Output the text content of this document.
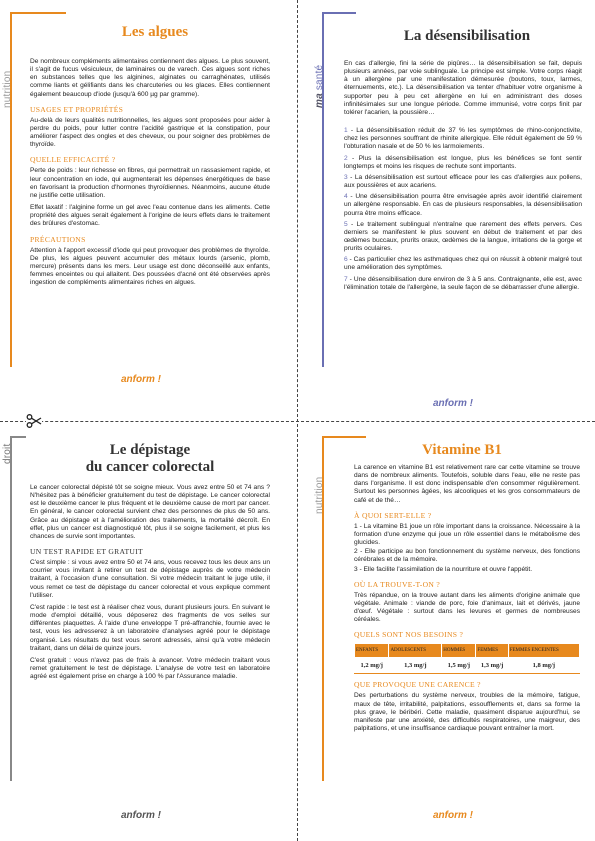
nutrition
Les algues

De nombreux compléments alimentaires contiennent des algues. Le plus souvent, il s'agit de fucus vésiculeux, de laminaires ou de varech. Ces algues sont riches en substances telles que les alginines, alginates ou carraghénates, utilisés comme liants et gélifiants dans les charcuteries ou les glaces. Elles contiennent également beaucoup d'iode (jusqu'à 600 µg par gramme).

USAGES ET PROPRIÉTÉS

Au-delà de leurs qualités nutritionnelles, les algues sont proposées pour aider à perdre du poids, pour lutter contre l'acidité gastrique et la constipation, pour améliorer l'aspect des ongles et des cheveux, ou pour soigner des problèmes de thyroïde.

QUELLE EFFICACITÉ ?

Perte de poids : leur richesse en fibres, qui permettrait un rassasiement rapide, et leur concentration en iode, qui augmenterait les dépenses énergétiques de base en favorisant la production d'hormones thyroïdiennes. Néanmoins, aucune étude ne justifie cette utilisation.

Effet laxatif : l'alginine forme un gel avec l'eau contenue dans les aliments. Cette propriété des algues serait également à l'origine de leurs effets dans le traitement des brûlures d'estomac.

PRÉCAUTIONS

Attention à l'apport excessif d'iode qui peut provoquer des problèmes de thyroïde. De plus, les algues peuvent accumuler des métaux lourds (arsenic, plomb, mercure) présents dans les mers. Leur usage est donc déconseillé aux enfants, femmes enceintes ou qui allaitent. Des poussées d'acné ont été observées après ingestion de compléments alimentaires riches en algues.

anform !
ma santé
La désensibilisation

En cas d'allergie, fini la série de piqûres… la désensibilisation se fait, depuis plusieurs années, par voie sublinguale. Le principe est simple. Votre corps réagit à un allergène par une manifestation démesurée (boutons, toux, larmes, éternuements, etc.). La désensibilisation va tenter d'habituer votre organisme à supporter peu à peu cet allergène en lui en administrant des doses infinitésimales sur une longue période. Comme immunisé, votre corps finit par tolérer l'acarien, la poussière…

1 - La désensibilisation réduit de 37 % les symptômes de rhino-conjonctivite, chez les personnes souffrant de rhinite allergique. Elle réduit également de 59 % l'obturation nasale et de 50 % les larmoiements.

2 - Plus la désensibilisation est longue, plus les bénéfices se font sentir longtemps et moins les risques de rechute sont importants.

3 - La désensibilisation est surtout efficace pour les cas d'allergies aux pollens, aux poussières et aux acariens.

4 - Une désensibilisation pourra être envisagée après avoir identifié clairement un allergène responsable. En cas de plusieurs responsables, la désensibilisation pourra être moins efficace.

5 - Le traitement sublingual n'entraîne que rarement des effets pervers. Ces derniers se manifestent le plus souvent en début de traitement et par des œdèmes buccaux, prurits oraux, œdèmes de la langue, irritations de la gorge et prurits oculaires.

6 - Cas particulier chez les asthmatiques chez qui on réussit à obtenir malgré tout une amélioration des symptômes.

7 - Une désensibilisation dure environ de 3 à 5 ans. Contraignante, elle est, avec l'élimination totale de l'allergène, la seule façon de se débarrasser d'une allergie.

anform !
droit	Le dépistage
du cancer colorectal

Le cancer colorectal dépisté tôt se soigne mieux. Vous avez entre 50 et 74 ans ? N'hésitez pas à bénéficier gratuitement du test de dépistage. Le cancer colorectal est le deuxième cancer le plus fréquent et le deuxième cause de mort par cancer. En général, le cancer colorectal survient chez des personnes de plus de 50 ans. Grâce au dépistage et à l'amélioration des traitements, la mortalité décroît. En effet, plus un cancer est diagnostiqué tôt, plus il se soigne facilement, et plus les chances de survie sont importantes.

UN TEST RAPIDE ET GRATUIT

C'est simple : si vous avez entre 50 et 74 ans, vous recevez tous les deux ans un courrier vous invitant à retirer un test de dépistage auprès de votre médecin traitant, à l'occasion d'une consultation. Si votre médecin traitant le juge utile, il vous remet ce test de dépistage du cancer colorectal et vous explique comment l'utiliser.

C'est rapide : le test est à réaliser chez vous, durant plusieurs jours. En suivant le mode d'emploi détaillé, vous déposerez des fragments de vos selles sur différentes plaquettes. À l'aide d'une enveloppe T pré-affranchie, fournie avec le test, vous les adresserez à un laboratoire d'analyses agréé pour le dépistage organisé. Les résultats du test vous seront adressés, ainsi qu'à votre médecin traitant, dans un délai de quinze jours.

C'est gratuit : vous n'avez pas de frais à avancer. Votre médecin traitant vous remet gratuitement le test de dépistage. L'analyse de votre test en laboratoire agréé est également prise en charge à 100 % par l'Assurance maladie.

anform !
nutrition
Vitamine B1

La carence en vitamine B1 est relativement rare car cette vitamine se trouve dans de nombreux aliments. Toutefois, soluble dans l'eau, elle ne reste pas dans l'organisme. Il est donc indispensable d'en consommer régulièrement. Surtout les personnes âgées, les alcooliques et les gros consommateurs de café et de thé…

À QUOI SERT-ELLE ?

1 - La vitamine B1 joue un rôle important dans la croissance. Nécessaire à la formation d'une enzyme qui joue un rôle essentiel dans le métabolisme des glucides.

2 - Elle participe au bon fonctionnement du système nerveux, des fonctions cérébrales et de la mémoire.

3 - Elle facilite l'assimilation de la nourriture et ouvre l'appétit.

OÙ LA TROUVE-T-ON ?

Très répandue, on la trouve autant dans les aliments d'origine animale que végétale. Animale : viande de porc, foie d'animaux, lait et dérivés, jaune d'œuf. Végétale : surtout dans les levures et germes de nombreuses céréales.

QUELS SONT NOS BESOINS ?
ENFANTS	ADOLESCENTS	HOMMES	FEMMES	FEMMES ENCEINTES
1,2 mg/j	1,3 mg/j	1,5 mg/j	1,3 mg/j	1,8 mg/j
QUE PROVOQUE UNE CARENCE ?

Des perturbations du système nerveux, troubles de la mémoire, fatigue, maux de tête, irritabilité, palpitations, essoufflements et, dans sa forme la plus grave, le béribéri. Cette maladie, quasiment disparue aujourd'hui, se manifeste par une anxiété, des difficultés respiratoires, une maigreur, des palpitations, et une insuffisance cardiaque pouvant entraîner la mort.

anform !
